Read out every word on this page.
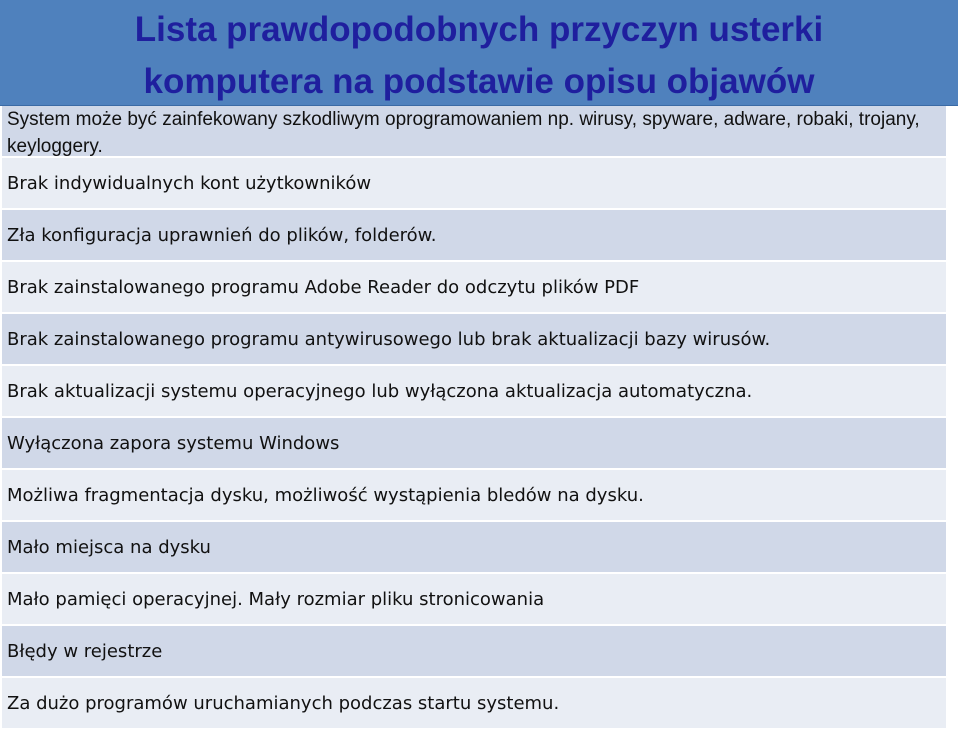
Lista prawdopodobnych przyczyn usterki
komputera na podstawie opisu objawów
System może być zainfekowany szkodliwym oprogramowaniem np. wirusy, spyware, adware, robaki, trojany, keyloggery.
Brak indywidualnych kont użytkowników
Zła konfiguracja uprawnień do plików, folderów.
Brak zainstalowanego programu Adobe Reader do odczytu plików PDF
Brak zainstalowanego programu antywirusowego lub brak aktualizacji bazy wirusów.
Brak aktualizacji systemu operacyjnego lub wyłączona aktualizacja automatyczna.
Wyłączona zapora systemu Windows
Możliwa fragmentacja dysku, możliwość wystąpienia bledów na dysku.
Mało miejsca na dysku
Mało pamięci operacyjnej. Mały rozmiar pliku stronicowania
Błędy w rejestrze
Za dużo programów uruchamianych podczas startu systemu.
